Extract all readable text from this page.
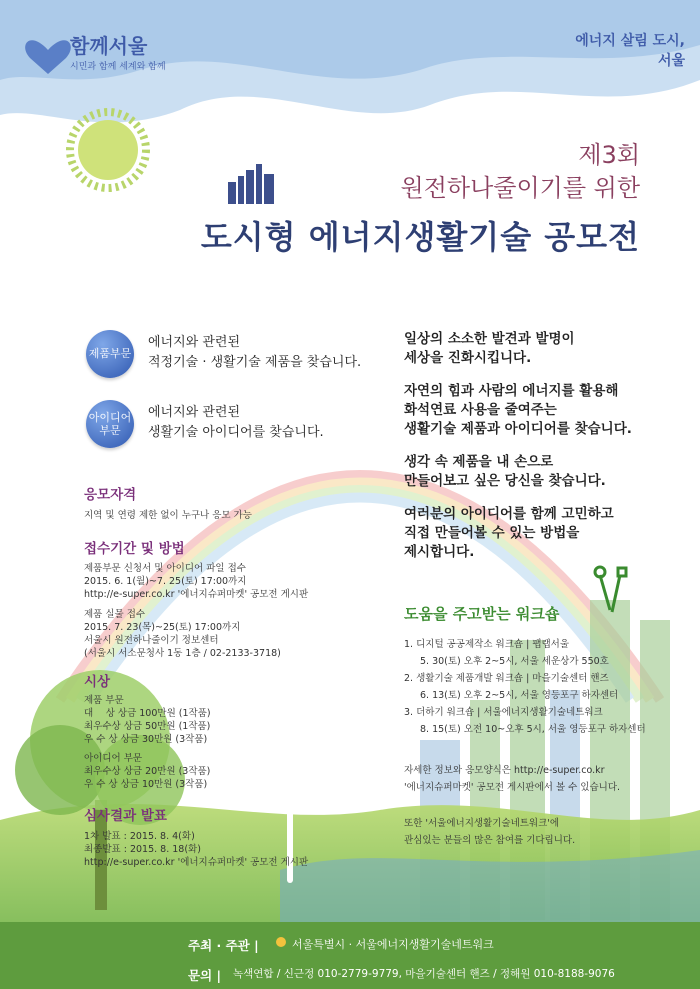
함께서울
시민과 함께 세계와 함께
에너지 살림 도시, 서울
제3회
원전하나줄이기를 위한
도시형 에너지생활기술 공모전
제품부문
에너지와 관련된
적정기술 · 생활기술 제품을 찾습니다.
아이디어
부문
에너지와 관련된
생활기술 아이디어를 찾습니다.
응모자격
지역 및 연령 제한 없이 누구나 응모 가능
접수기간 및 방법
제품부문 신청서 및 아이디어 파일 접수
2015. 6. 1(월)~7. 25(토) 17:00까지
http://e-super.co.kr '에너지슈퍼마켓' 공모전 게시판
제품 실물 접수
2015. 7. 23(목)~25(토) 17:00까지
서울시 원전하나줄이기 정보센터
(서울시 서소문청사 1동 1층 / 02-2133-3718)
시상
제품 부문
대　 상 상금 100만원 (1작품)
최우수상 상금 50만원 (1작품)
우 수 상 상금 30만원 (3작품)
아이디어 부문
최우수상 상금 20만원 (3작품)
우 수 상 상금 10만원 (3작품)
심사결과 발표
1차 발표 : 2015. 8. 4(화)
최종발표 : 2015. 8. 18(화)
http://e-super.co.kr '에너지슈퍼마켓' 공모전 게시판
일상의 소소한 발견과 발명이
세상을 진화시킵니다.
자연의 힘과 사람의 에너지를 활용해
화석연료 사용을 줄여주는
생활기술 제품과 아이디어를 찾습니다.
생각 속 제품을 내 손으로
만들어보고 싶은 당신을 찾습니다.
여러분의 아이디어를 함께 고민하고
직접 만들어볼 수 있는 방법을
제시합니다.
도움을 주고받는 워크숍
1. 디지털 공공제작소 워크숍 | 팹랩서울
5. 30(토) 오후 2~5시, 서울 세운상가 550호
2. 생활기술 제품개발 워크숍 | 마을기술센터 핸즈
6. 13(토) 오후 2~5시, 서울 영등포구 하자센터
3. 더하기 워크숍 | 서울에너지생활기술네트워크
8. 15(토) 오전 10~오후 5시, 서울 영등포구 하자센터
자세한 정보와 응모양식은 http://e-super.co.kr
'에너지슈퍼마켓' 공모전 게시판에서 볼 수 있습니다.
또한 '서울에너지생활기술네트워크'에
관심있는 분들의 많은 참여를 기다립니다.
주최 · 주관 |	서울특별시 · 서울에너지생활기술네트워크
문의 | 녹색연합 / 신근정 010-2779-9779, 마을기술센터 핸즈 / 정해원 010-8188-9076
